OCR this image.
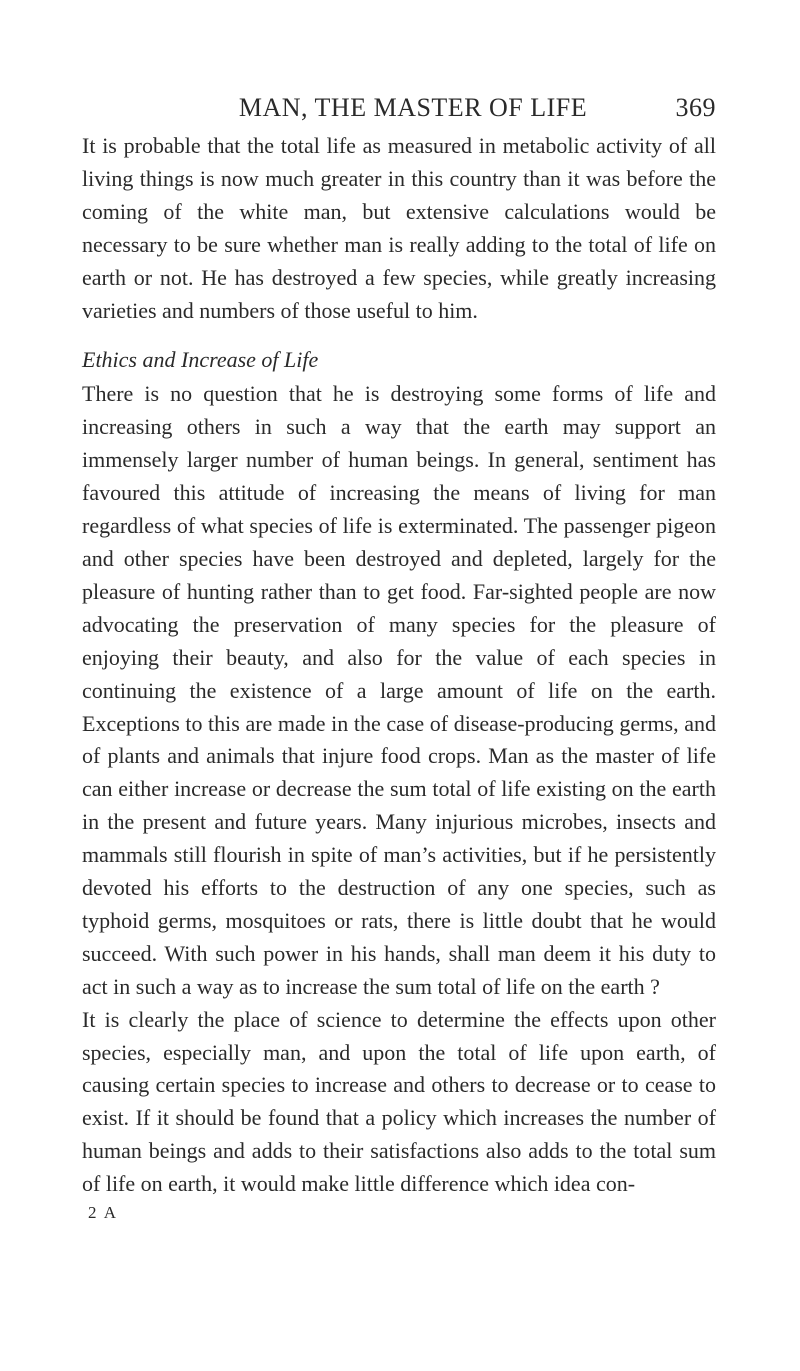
MAN, THE MASTER OF LIFE	369

It is probable that the total life as measured in metabolic activity of all living things is now much greater in this country than it was before the coming of the white man, but extensive calculations would be necessary to be sure whether man is really adding to the total of life on earth or not. He has destroyed a few species, while greatly increasing varieties and numbers of those useful to him.

Ethics and Increase of Life

There is no question that he is destroying some forms of life and increasing others in such a way that the earth may support an immensely larger number of human beings. In general, sentiment has favoured this attitude of increasing the means of living for man regardless of what species of life is exterminated. The passenger pigeon and other species have been destroyed and depleted, largely for the pleasure of hunting rather than to get food. Far-sighted people are now advocating the preservation of many species for the pleasure of enjoying their beauty, and also for the value of each species in continuing the existence of a large amount of life on the earth. Exceptions to this are made in the case of disease-producing germs, and of plants and animals that injure food crops. Man as the master of life can either increase or decrease the sum total of life existing on the earth in the present and future years. Many injurious microbes, insects and mammals still flourish in spite of man’s activities, but if he persistently devoted his efforts to the destruction of any one species, such as typhoid germs, mosquitoes or rats, there is little doubt that he would succeed. With such power in his hands, shall man deem it his duty to act in such a way as to increase the sum total of life on the earth ?

It is clearly the place of science to determine the effects upon other species, especially man, and upon the total of life upon earth, of causing certain species to increase and others to decrease or to cease to exist. If it should be found that a policy which increases the number of human beings and adds to their satisfactions also adds to the total sum of life on earth, it would make little difference which idea con-

2 A
